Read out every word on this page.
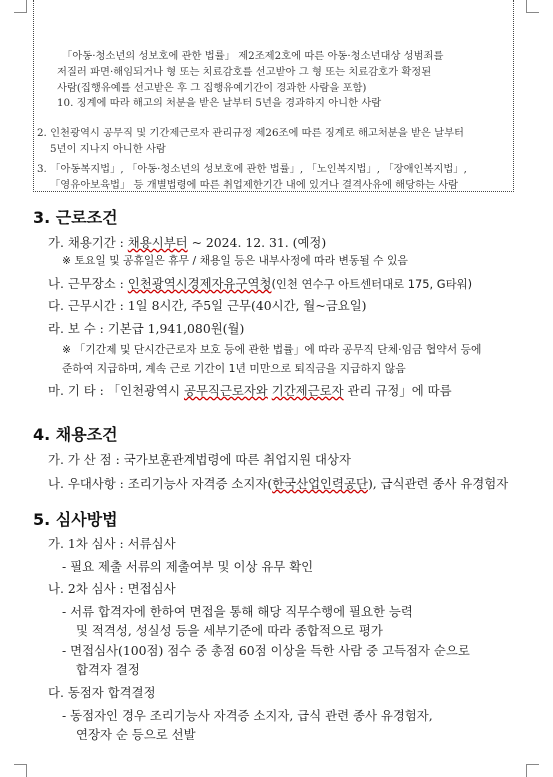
「아동·청소년의 성보호에 관한 법률」 제2조제2호에 따른 아동·청소년대상 성범죄를
저질러 파면·해임되거나 형 또는 치료감호를 선고받아 그 형 또는 치료감호가 확정된
사람(집행유예를 선고받은 후 그 집행유예기간이 경과한 사람을 포함)
10. 징계에 따라 해고의 처분을 받은 날부터 5년을 경과하지 아니한 사람
2. 인천광역시 공무직 및 기간제근로자 관리규정 제26조에 따른 징계로 해고처분을 받은 날부터
5년이 지나지 아니한 사람
3. 「아동복지법」, 「아동·청소년의 성보호에 관한 법률」, 「노인복지법」, 「장애인복지법」,
「영유아보육법」 등 개별법령에 따른 취업제한기간 내에 있거나 결격사유에 해당하는 사람
3. 근로조건
가. 채용기간 : 채용시부터 ~ 2024. 12. 31. (예정)
※ 토요일 및 공휴일은 휴무 / 채용일 등은 내부사정에 따라 변동될 수 있음
나. 근무장소 : 인천광역시경제자유구역청(인천 연수구 아트센터대로 175, G타워)
다. 근무시간 : 1일 8시간, 주5일 근무(40시간, 월~금요일)
라. 보 수 : 기본급 1,941,080원(월)
※ 「기간제 및 단시간근로자 보호 등에 관한 법률」에 따라 공무직 단체·임금 협약서 등에
준하여 지급하며, 계속 근로 기간이 1년 미만으로 퇴직금을 지급하지 않음
마. 기 타 : 「인천광역시 공무직근로자와 기간제근로자 관리 규정」에 따름
4. 채용조건
가. 가 산 점 : 국가보훈관계법령에 따른 취업지원 대상자
나. 우대사항 : 조리기능사 자격증 소지자(한국산업인력공단), 급식관련 종사 유경험자
5. 심사방법
가. 1차 심사 : 서류심사
- 필요 제출 서류의 제출여부 및 이상 유무 확인
나. 2차 심사 : 면접심사
- 서류 합격자에 한하여 면접을 통해 해당 직무수행에 필요한 능력
및 적격성, 성실성 등을 세부기준에 따라 종합적으로 평가
- 면접심사(100점) 점수 중 총점 60점 이상을 득한 사람 중 고득점자 순으로
합격자 결정
다. 동점자 합격결정
- 동점자인 경우 조리기능사 자격증 소지자, 급식 관련 종사 유경험자,
연장자 순 등으로 선발
